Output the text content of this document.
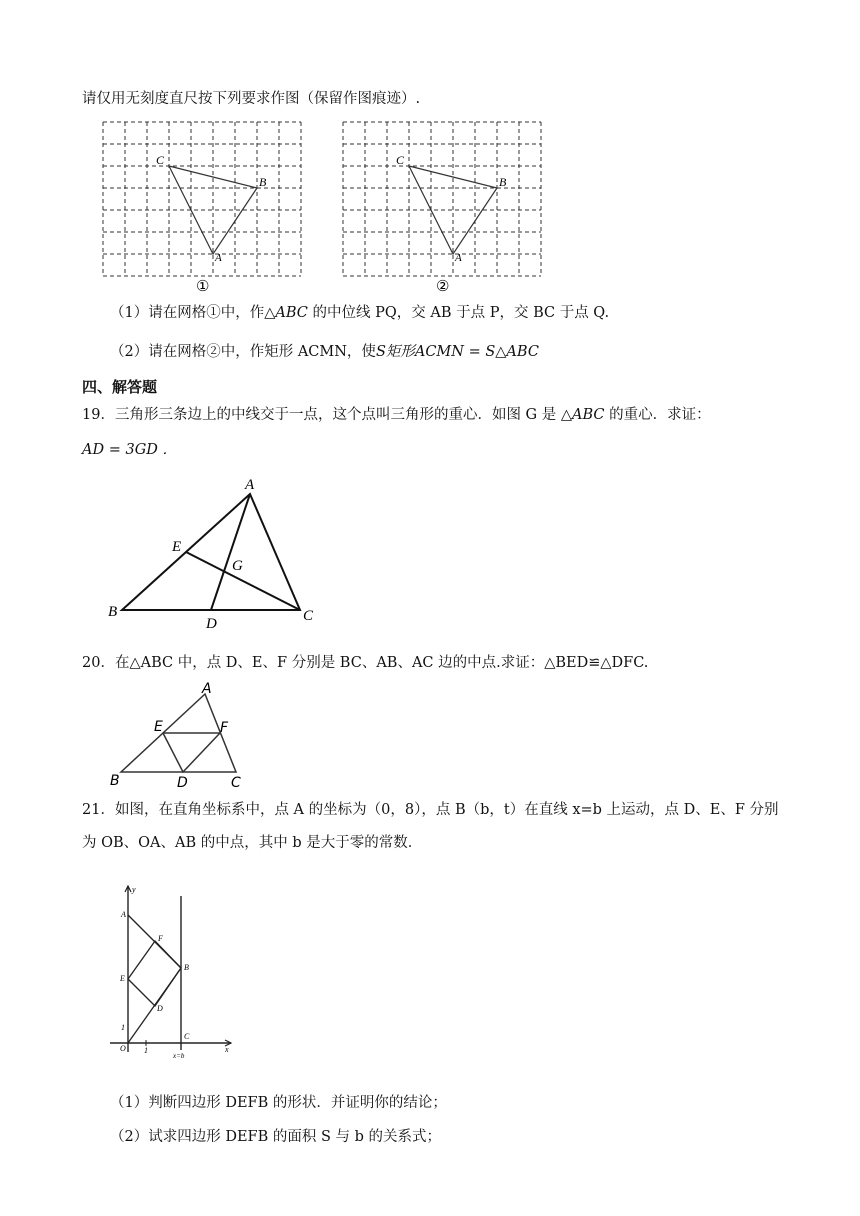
请仅用无刻度直尺按下列要求作图（保留作图痕迹）.
C
B
A
①
C
B
A
②
（1）请在网格①中，作△ABC 的中位线 PQ，交 AB 于点 P，交 BC 于点 Q.
（2）请在网格②中，作矩形 ACMN，使S矩形ACMN = S△ABC
四、解答题
19．三角形三条边上的中线交于一点，这个点叫三角形的重心．如图 G 是 △ABC 的重心．求证：
AD = 3GD ．
A
B	C
D
E
G
20．在△ABC 中，点 D、E、F 分别是 BC、AB、AC 边的中点.求证：△BED≌△DFC.
A
B	C
D
E	F
21．如图，在直角坐标系中，点 A 的坐标为（0，8），点 B（b，t）在直线 x=b 上运动，点 D、E、F 分别
为 OB、OA、AB 的中点，其中 b 是大于零的常数．
y
x
A
F
E
B
D
1
O 1
C
x=b
（1）判断四边形 DEFB 的形状．并证明你的结论；
（2）试求四边形 DEFB 的面积 S 与 b 的关系式；
